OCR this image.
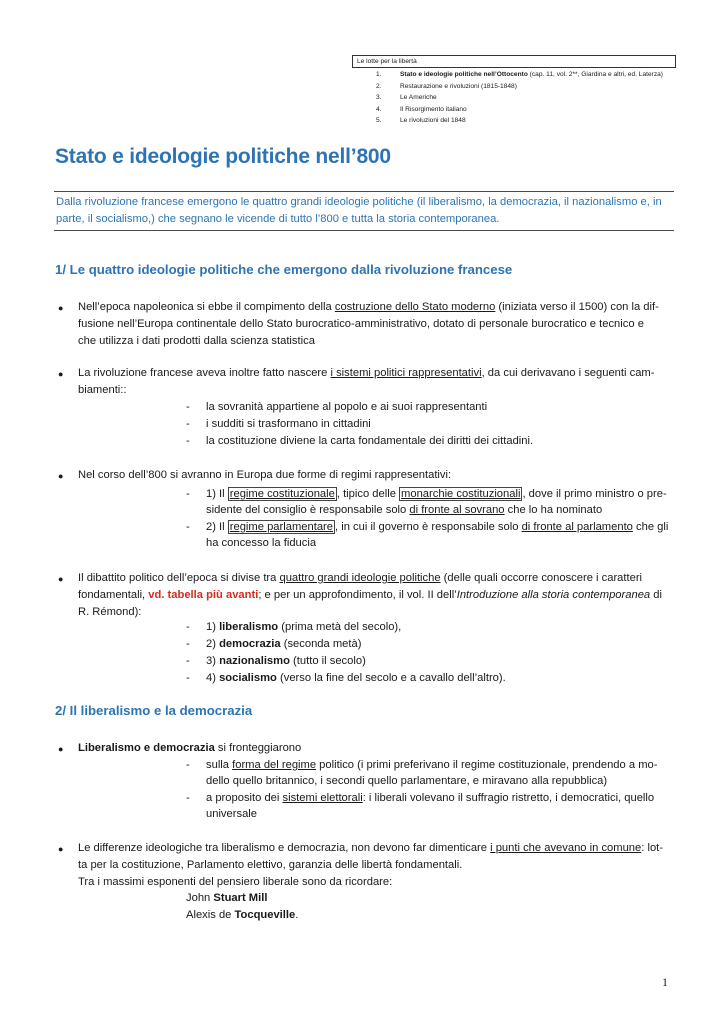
Le lotte per la libertà
1.	Stato e ideologie politiche nell’Ottocento (cap. 11, vol. 2**, Giardina e altri, ed. Laterza)
2.	Restaurazione e rivoluzioni (1815-1848)
3.	Le Americhe
4.	Il Risorgimento italiano
5.	Le rivoluzioni del 1848
Stato e ideologie politiche nell’800
Dalla rivoluzione francese emergono le quattro grandi ideologie politiche (il liberalismo, la democrazia, il nazionalismo e, in
parte, il socialismo,) che segnano le vicende di tutto l’800 e tutta la storia contemporanea.
1/ Le quattro ideologie politiche che emergono dalla rivoluzione francese
● Nell’epoca napoleonica si ebbe il compimento della costruzione dello Stato moderno (iniziata verso il 1500) con la dif-
fusione nell’Europa continentale dello Stato burocratico-amministrativo, dotato di personale burocratico e tecnico e
che utilizza i dati prodotti dalla scienza statistica
● La rivoluzione francese aveva inoltre fatto nascere i sistemi politici rappresentativi, da cui derivavano i seguenti cam-
biamenti::
- la sovranità appartiene al popolo e ai suoi rappresentanti
- i sudditi si trasformano in cittadini
- la costituzione diviene la carta fondamentale dei diritti dei cittadini.
● Nel corso dell’800 si avranno in Europa due forme di regimi rappresentativi:
- 1) Il regime costituzionale , tipico delle monarchie costituzionali , dove il primo ministro o pre-
sidente del consiglio è responsabile solo di fronte al sovrano che lo ha nominato
- 2) Il regime parlamentare , in cui il governo è responsabile solo di fronte al parlamento che gli
ha concesso la fiducia
● Il dibattito politico dell’epoca si divise tra quattro grandi ideologie politiche (delle quali occorre conoscere i caratteri
fondamentali, vd. tabella più avanti; e per un approfondimento, il vol. II dell’Introduzione alla storia contemporanea di
R. Rémond):
- 1) liberalismo (prima metà del secolo),
- 2) democrazia (seconda metà)
- 3) nazionalismo (tutto il secolo)
- 4) socialismo (verso la fine del secolo e a cavallo dell’altro).
2/ Il liberalismo e la democrazia
● Liberalismo e democrazia si fronteggiarono
- sulla forma del regime politico (i primi preferivano il regime costituzionale, prendendo a mo-
dello quello britannico, i secondi quello parlamentare, e miravano alla repubblica)
- a proposito dei sistemi elettorali: i liberali volevano il suffragio ristretto, i democratici, quello
universale
● Le differenze ideologiche tra liberalismo e democrazia, non devono far dimenticare i punti che avevano in comune: lot-
ta per la costituzione, Parlamento elettivo, garanzia delle libertà fondamentali.
Tra i massimi esponenti del pensiero liberale sono da ricordare:
John Stuart Mill
Alexis de Tocqueville.
1
